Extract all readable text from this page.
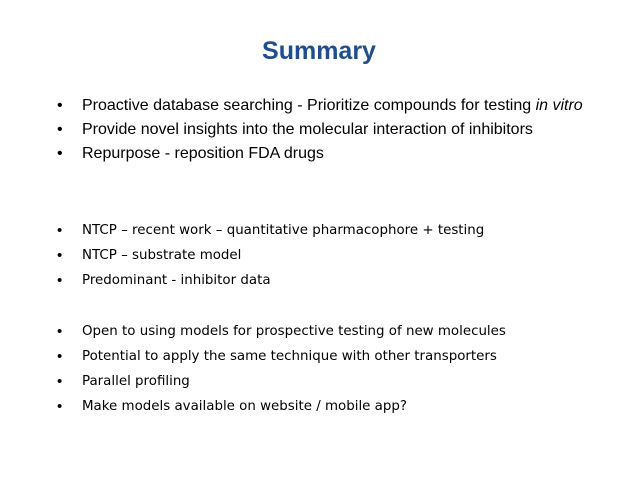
Summary
• Proactive database searching - Prioritize compounds for testing in vitro
• Provide novel insights into the molecular interaction of inhibitors
• Repurpose - reposition FDA drugs
• NTCP – recent work – quantitative pharmacophore + testing
• NTCP – substrate model
• Predominant - inhibitor data
• Open to using models for prospective testing of new molecules
• Potential to apply the same technique with other transporters
• Parallel profiling
• Make models available on website / mobile app?
